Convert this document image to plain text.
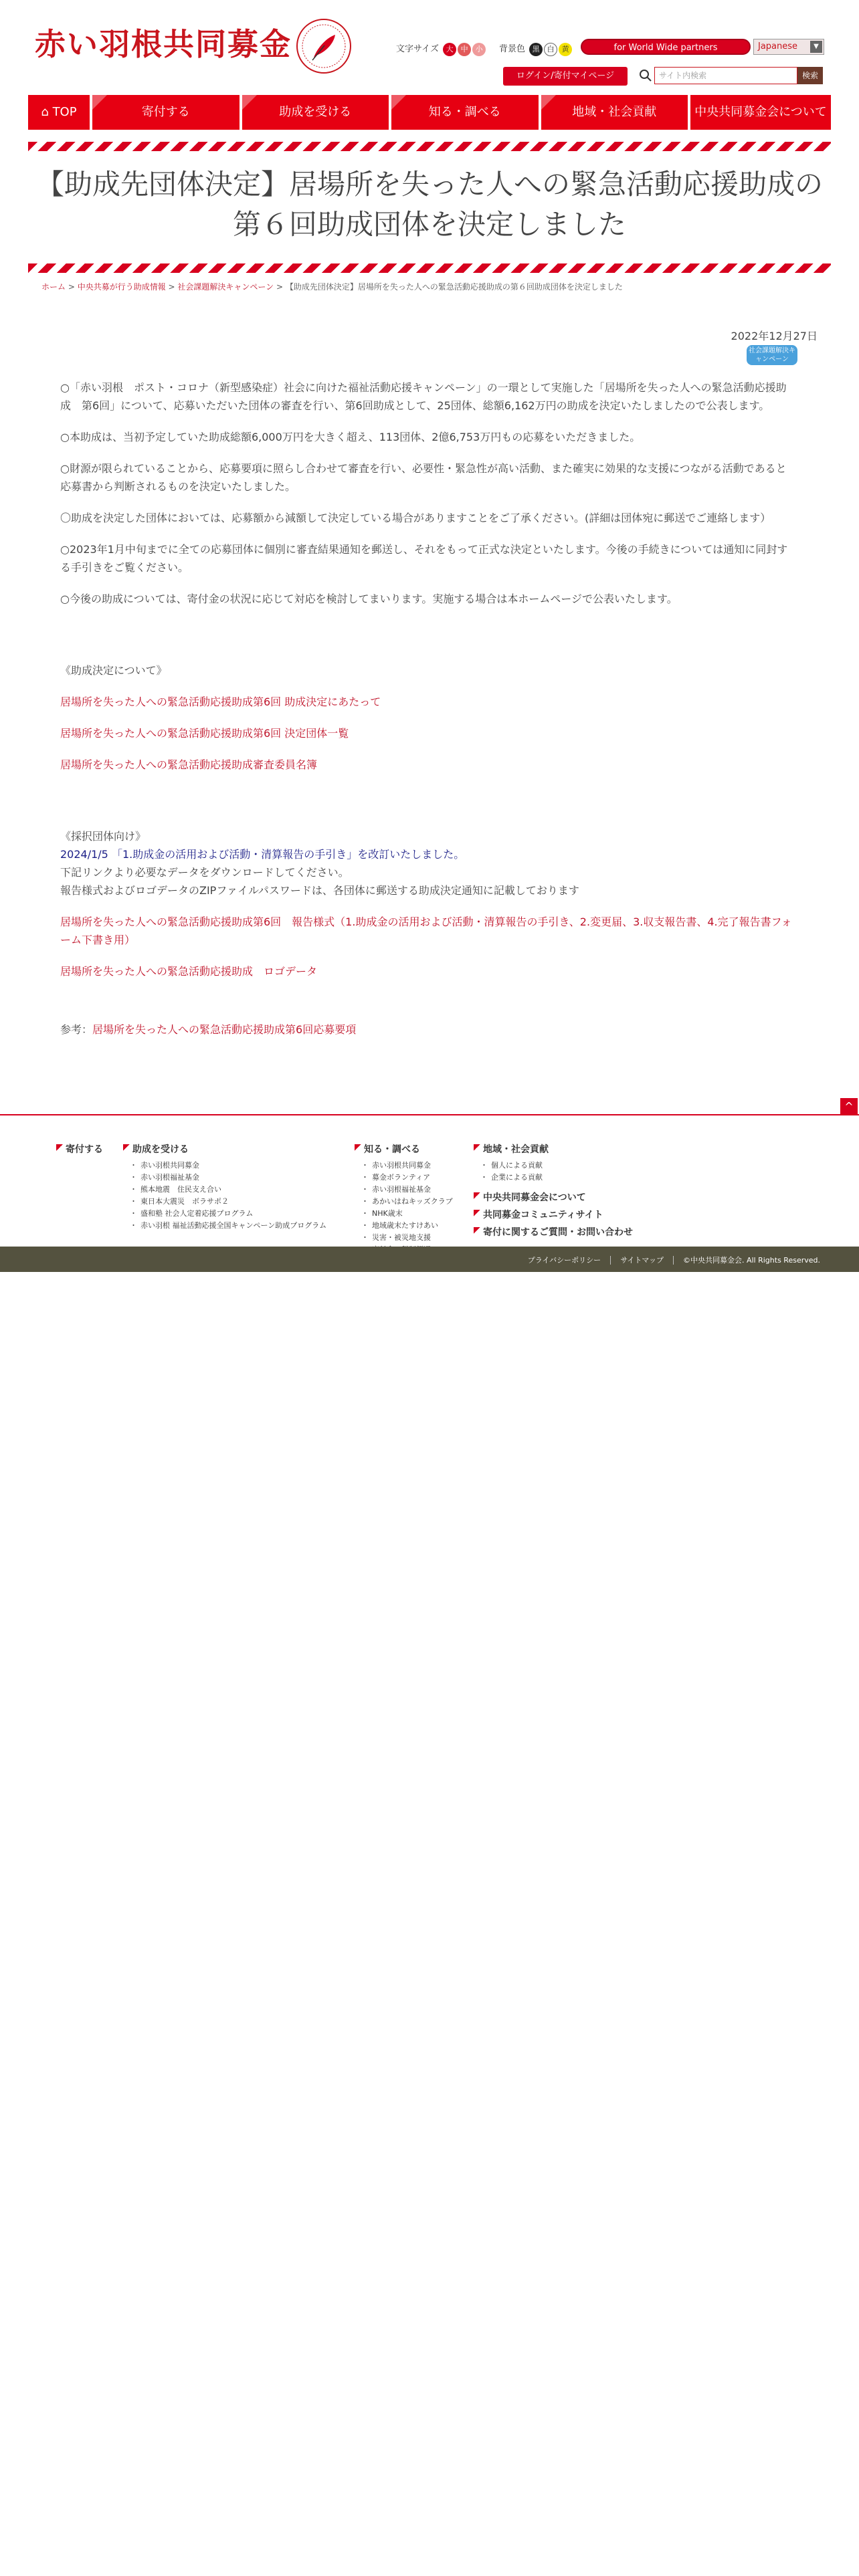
赤い羽根共同募金	文字サイズ 大 中 小	背景色 黒 白 黄	for World Wide partners	Japanese	▼
ログイン/寄付マイページ	サイト内検索	検索
⌂ TOP	寄付する	助成を受ける	知る・調べる	地域・社会貢献	中央共同募金会について
【助成先団体決定】居場所を失った人への緊急活動応援助成の第６回助成団体を決定しました
ホーム > 中央共募が行う助成情報 > 社会課題解決キャンペーン > 【助成先団体決定】居場所を失った人への緊急活動応援助成の第６回助成団体を決定しました
2022年12月27日
社会課題解決キャンペーン

○「赤い羽根　ポスト・コロナ（新型感染症）社会に向けた福祉活動応援キャンペーン」の一環として実施した「居場所を失った人への緊急活動応援助成　第6回」について、応募いただいた団体の審査を行い、第6回助成として、25団体、総額6,162万円の助成を決定いたしましたので公表します。

○本助成は、当初予定していた助成総額6,000万円を大きく超え、113団体、2億6,753万円もの応募をいただきました。

○財源が限られていることから、応募要項に照らし合わせて審査を行い、必要性・緊急性が高い活動、また確実に効果的な支援につながる活動であると応募書から判断されるものを決定いたしました。

〇助成を決定した団体においては、応募額から減額して決定している場合がありますことをご了承ください。(詳細は団体宛に郵送でご連絡します）

○2023年1月中旬までに全ての応募団体に個別に審査結果通知を郵送し、それをもって正式な決定といたします。今後の手続きについては通知に同封する手引きをご覧ください。

○今後の助成については、寄付金の状況に応じて対応を検討してまいります。実施する場合は本ホームページで公表いたします。

《助成決定について》

居場所を失った人への緊急活動応援助成第6回 助成決定にあたって

居場所を失った人への緊急活動応援助成第6回 決定団体一覧

居場所を失った人への緊急活動応援助成審査委員名簿

《採択団体向け》
2024/1/5 「1.助成金の活用および活動・清算報告の手引き」を改訂いたしました。
下記リンクより必要なデータをダウンロードしてください。
報告様式およびロゴデータのZIPファイルパスワードは、各団体に郵送する助成決定通知に記載しております

居場所を失った人への緊急活動応援助成第6回　報告様式（1.助成金の活用および活動・清算報告の手引き、2.変更届、3.収支報告書、4.完了報告書フォーム下書き用）

居場所を失った人への緊急活動応援助成　ロゴデータ

参考：居場所を失った人への緊急活動応援助成第6回応募要項

^
寄付する	助成を受ける
・ 赤い羽根共同募金
・ 赤い羽根福祉基金
・ 熊本地震　住民支え合い
・ 東日本大震災　ボラサポ２
・ 盛和塾 社会人定着応援プログラム
・ 赤い羽根 福祉活動応援全国キャンペーン助成プログラム
知る・調べる
・ 赤い羽根共同募金
・ 募金ボランティア
・ 赤い羽根福祉基金
・ あかいはねキッズクラブ
・ NHK歳末
・ 地域歳末たすけあい
・ 災害・被災地支援
・
・
地域・社会貢献
・ 個人による貢献
・ 企業による貢献
中央共同募金会について
共同募金コミュニティサイト
寄付に関するご質問・お問い合わせ
プライバシーポリシー	サイトマップ	©中央共同募金会. All Rights Reserved.
